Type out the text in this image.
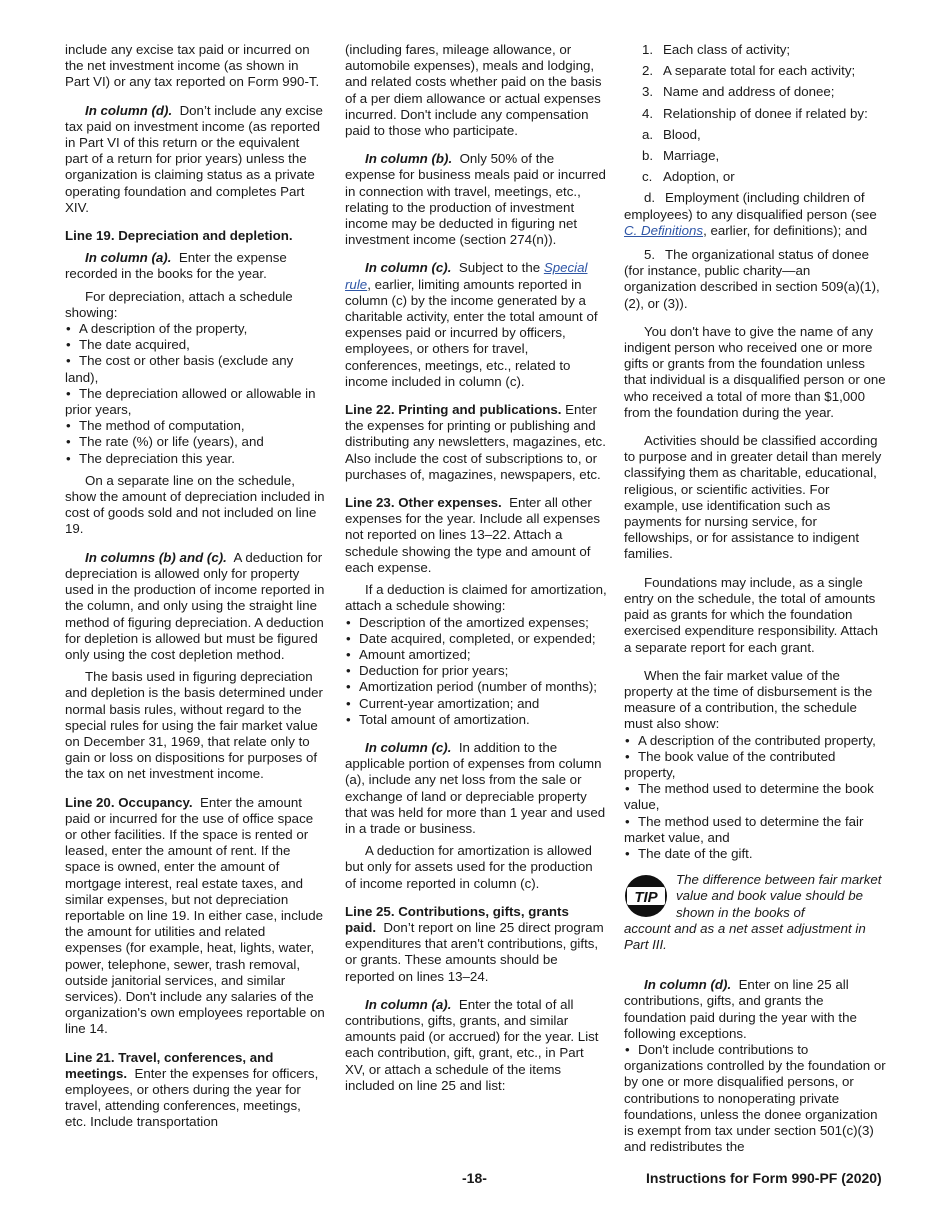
include any excise tax paid or incurred on the net investment income (as shown in Part VI) or any tax reported on Form 990-T.

In column (d). Don’t include any excise tax paid on investment income (as reported in Part VI of this return or the equivalent part of a return for prior years) unless the organization is claiming status as a private operating foundation and completes Part XIV.

Line 19. Depreciation and depletion.

In column (a). Enter the expense recorded in the books for the year.

For depreciation, attach a schedule showing:

• A description of the property,

• The date acquired,

• The cost or other basis (exclude any land),

• The depreciation allowed or allowable in prior years,

• The method of computation,

• The rate (%) or life (years), and

• The depreciation this year.

On a separate line on the schedule, show the amount of depreciation included in cost of goods sold and not included on line 19.

In columns (b) and (c). A deduction for depreciation is allowed only for property used in the production of income reported in the column, and only using the straight line method of figuring depreciation. A deduction for depletion is allowed but must be figured only using the cost depletion method.

The basis used in figuring depreciation and depletion is the basis determined under normal basis rules, without regard to the special rules for using the fair market value on December 31, 1969, that relate only to gain or loss on dispositions for purposes of the tax on net investment income.

Line 20. Occupancy. Enter the amount paid or incurred for the use of office space or other facilities. If the space is rented or leased, enter the amount of rent. If the space is owned, enter the amount of mortgage interest, real estate taxes, and similar expenses, but not depreciation reportable on line 19. In either case, include the amount for utilities and related expenses (for example, heat, lights, water, power, telephone, sewer, trash removal, outside janitorial services, and similar services). Don't include any salaries of the organization's own employees reportable on line 14.

Line 21. Travel, conferences, and meetings. Enter the expenses for officers, employees, or others during the year for travel, attending conferences, meetings, etc. Include transportation

(including fares, mileage allowance, or automobile expenses), meals and lodging, and related costs whether paid on the basis of a per diem allowance or actual expenses incurred. Don't include any compensation paid to those who participate.

In column (b). Only 50% of the expense for business meals paid or incurred in connection with travel, meetings, etc., relating to the production of investment income may be deducted in figuring net investment income (section 274(n)).

In column (c). Subject to the Special rule, earlier, limiting amounts reported in column (c) by the income generated by a charitable activity, enter the total amount of expenses paid or incurred by officers, employees, or others for travel, conferences, meetings, etc., related to income included in column (c).

Line 22. Printing and publications. Enter the expenses for printing or publishing and distributing any newsletters, magazines, etc. Also include the cost of subscriptions to, or purchases of, magazines, newspapers, etc.

Line 23. Other expenses. Enter all other expenses for the year. Include all expenses not reported on lines 13–22. Attach a schedule showing the type and amount of each expense.

If a deduction is claimed for amortization, attach a schedule showing:

• Description of the amortized expenses;

• Date acquired, completed, or expended;

• Amount amortized;

• Deduction for prior years;

• Amortization period (number of months);

• Current-year amortization; and

• Total amount of amortization.

In column (c). In addition to the applicable portion of expenses from column (a), include any net loss from the sale or exchange of land or depreciable property that was held for more than 1 year and used in a trade or business.

A deduction for amortization is allowed but only for assets used for the production of income reported in column (c).

Line 25. Contributions, gifts, grants paid. Don’t report on line 25 direct program expenditures that aren't contributions, gifts, or grants. These amounts should be reported on lines 13–24.

In column (a). Enter the total of all contributions, gifts, grants, and similar amounts paid (or accrued) for the year. List each contribution, gift, grant, etc., in Part XV, or attach a schedule of the items included on line 25 and list:

1. Each class of activity;

2. A separate total for each activity;

3. Name and address of donee;

4. Relationship of donee if related by:

a. Blood,

b. Marriage,

c. Adoption, or

d. Employment (including children of employees) to any disqualified person (see C. Definitions, earlier, for definitions); and

5. The organizational status of donee (for instance, public charity—an organization described in section 509(a)(1), (2), or (3)).

You don't have to give the name of any indigent person who received one or more gifts or grants from the foundation unless that individual is a disqualified person or one who received a total of more than $1,000 from the foundation during the year.

Activities should be classified according to purpose and in greater detail than merely classifying them as charitable, educational, religious, or scientific activities. For example, use identification such as payments for nursing service, for fellowships, or for assistance to indigent families.

Foundations may include, as a single entry on the schedule, the total of amounts paid as grants for which the foundation exercised expenditure responsibility. Attach a separate report for each grant.

When the fair market value of the property at the time of disbursement is the measure of a contribution, the schedule must also show:

• A description of the contributed property,

• The book value of the contributed property,

• The method used to determine the book value,

• The method used to determine the fair market value, and

• The date of the gift.

TIP
The difference between fair market value and book value should be shown in the books of
account and as a net asset adjustment in Part III.

In column (d). Enter on line 25 all contributions, gifts, and grants the foundation paid during the year with the following exceptions.

• Don't include contributions to organizations controlled by the foundation or by one or more disqualified persons, or contributions to nonoperating private foundations, unless the donee organization is exempt from tax under section 501(c)(3) and redistributes the

-18-	Instructions for Form 990-PF (2020)
